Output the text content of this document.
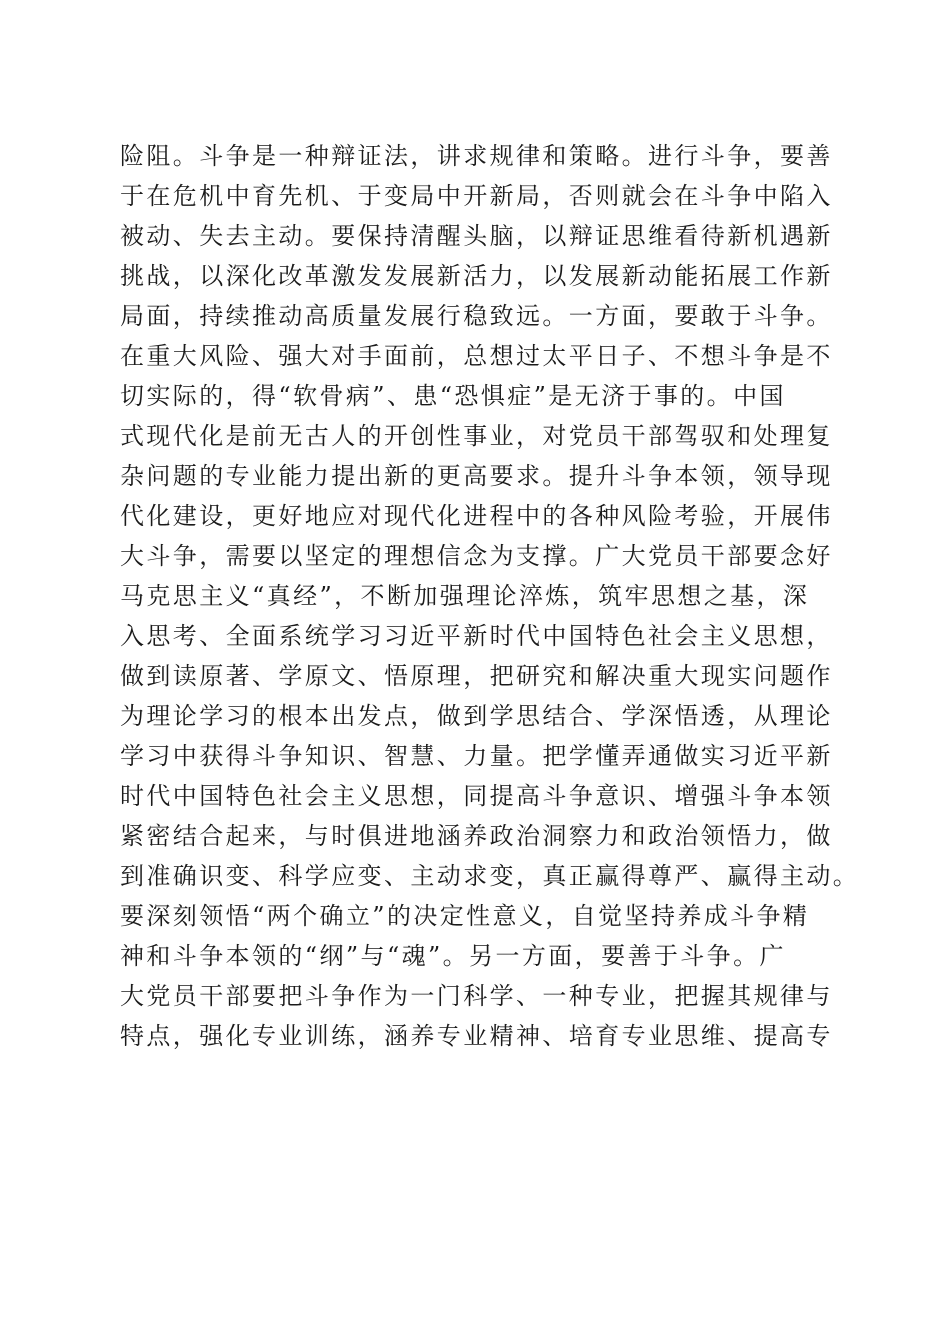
险阻。斗争是一种辩证法，讲求规律和策略。进行斗争，要善
于在危机中育先机、于变局中开新局，否则就会在斗争中陷入
被动、失去主动。要保持清醒头脑，以辩证思维看待新机遇新
挑战，以深化改革激发发展新活力，以发展新动能拓展工作新
局面，持续推动高质量发展行稳致远。一方面，要敢于斗争。
在重大风险、强大对手面前，总想过太平日子、不想斗争是不
切实际的，得“软骨病”、患“恐惧症”是无济于事的。中国
式现代化是前无古人的开创性事业，对党员干部驾驭和处理复
杂问题的专业能力提出新的更高要求。提升斗争本领，领导现
代化建设，更好地应对现代化进程中的各种风险考验，开展伟
大斗争，需要以坚定的理想信念为支撑。广大党员干部要念好
马克思主义“真经”，不断加强理论淬炼，筑牢思想之基，深
入思考、全面系统学习习近平新时代中国特色社会主义思想，
做到读原著、学原文、悟原理，把研究和解决重大现实问题作
为理论学习的根本出发点，做到学思结合、学深悟透，从理论
学习中获得斗争知识、智慧、力量。把学懂弄通做实习近平新
时代中国特色社会主义思想，同提高斗争意识、增强斗争本领
紧密结合起来，与时俱进地涵养政治洞察力和政治领悟力，做
到准确识变、科学应变、主动求变，真正赢得尊严、赢得主动。
要深刻领悟“两个确立”的决定性意义，自觉坚持养成斗争精
神和斗争本领的“纲”与“魂”。另一方面，要善于斗争。广
大党员干部要把斗争作为一门科学、一种专业，把握其规律与
特点，强化专业训练，涵养专业精神、培育专业思维、提高专
